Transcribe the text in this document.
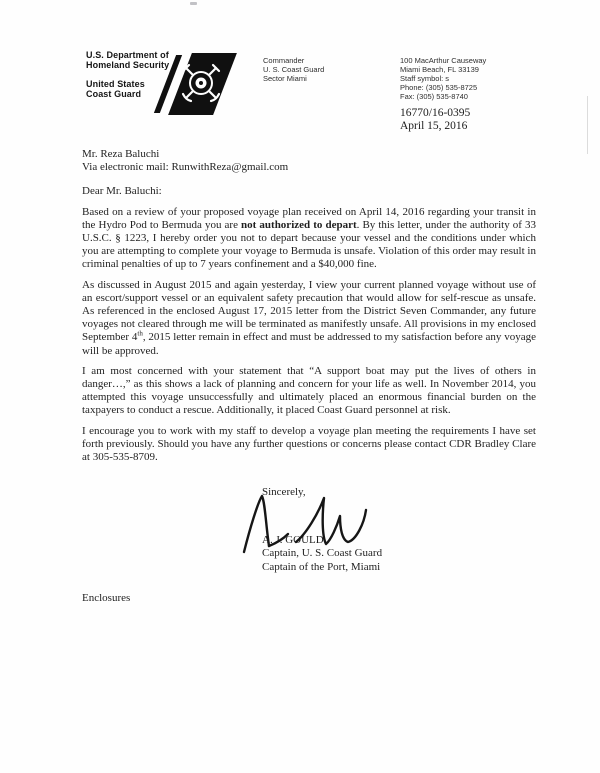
U.S. Department of
Homeland Security
United States
Coast Guard
Commander
U. S. Coast Guard
Sector Miami
100 MacArthur Causeway
Miami Beach, FL 33139
Staff symbol: s
Phone: (305) 535-8725
Fax: (305) 535-8740
16770/16-0395
April 15, 2016
Mr. Reza Baluchi
Via electronic mail: RunwithReza@gmail.com

Dear Mr. Baluchi:

Based on a review of your proposed voyage plan received on April 14, 2016 regarding your transit in the Hydro Pod to Bermuda you are not authorized to depart. By this letter, under the authority of 33 U.S.C. § 1223, I hereby order you not to depart because your vessel and the conditions under which you are attempting to complete your voyage to Bermuda is unsafe. Violation of this order may result in criminal penalties of up to 7 years confinement and a $40,000 fine.

As discussed in August 2015 and again yesterday, I view your current planned voyage without use of an escort/support vessel or an equivalent safety precaution that would allow for self-rescue as unsafe. As referenced in the enclosed August 17, 2015 letter from the District Seven Commander, any future voyages not cleared through me will be terminated as manifestly unsafe. All provisions in my enclosed September 4th, 2015 letter remain in effect and must be addressed to my satisfaction before any voyage will be approved.

I am most concerned with your statement that “A support boat may put the lives of others in danger…,” as this shows a lack of planning and concern for your life as well. In November 2014, you attempted this voyage unsuccessfully and ultimately placed an enormous financial burden on the taxpayers to conduct a rescue. Additionally, it placed Coast Guard personnel at risk.

I encourage you to work with my staff to develop a voyage plan meeting the requirements I have set forth previously. Should you have any further questions or concerns please contact CDR Bradley Clare at 305-535-8709.

Sincerely,
A. J. GOULD
Captain, U. S. Coast Guard
Captain of the Port, Miami
Enclosures
